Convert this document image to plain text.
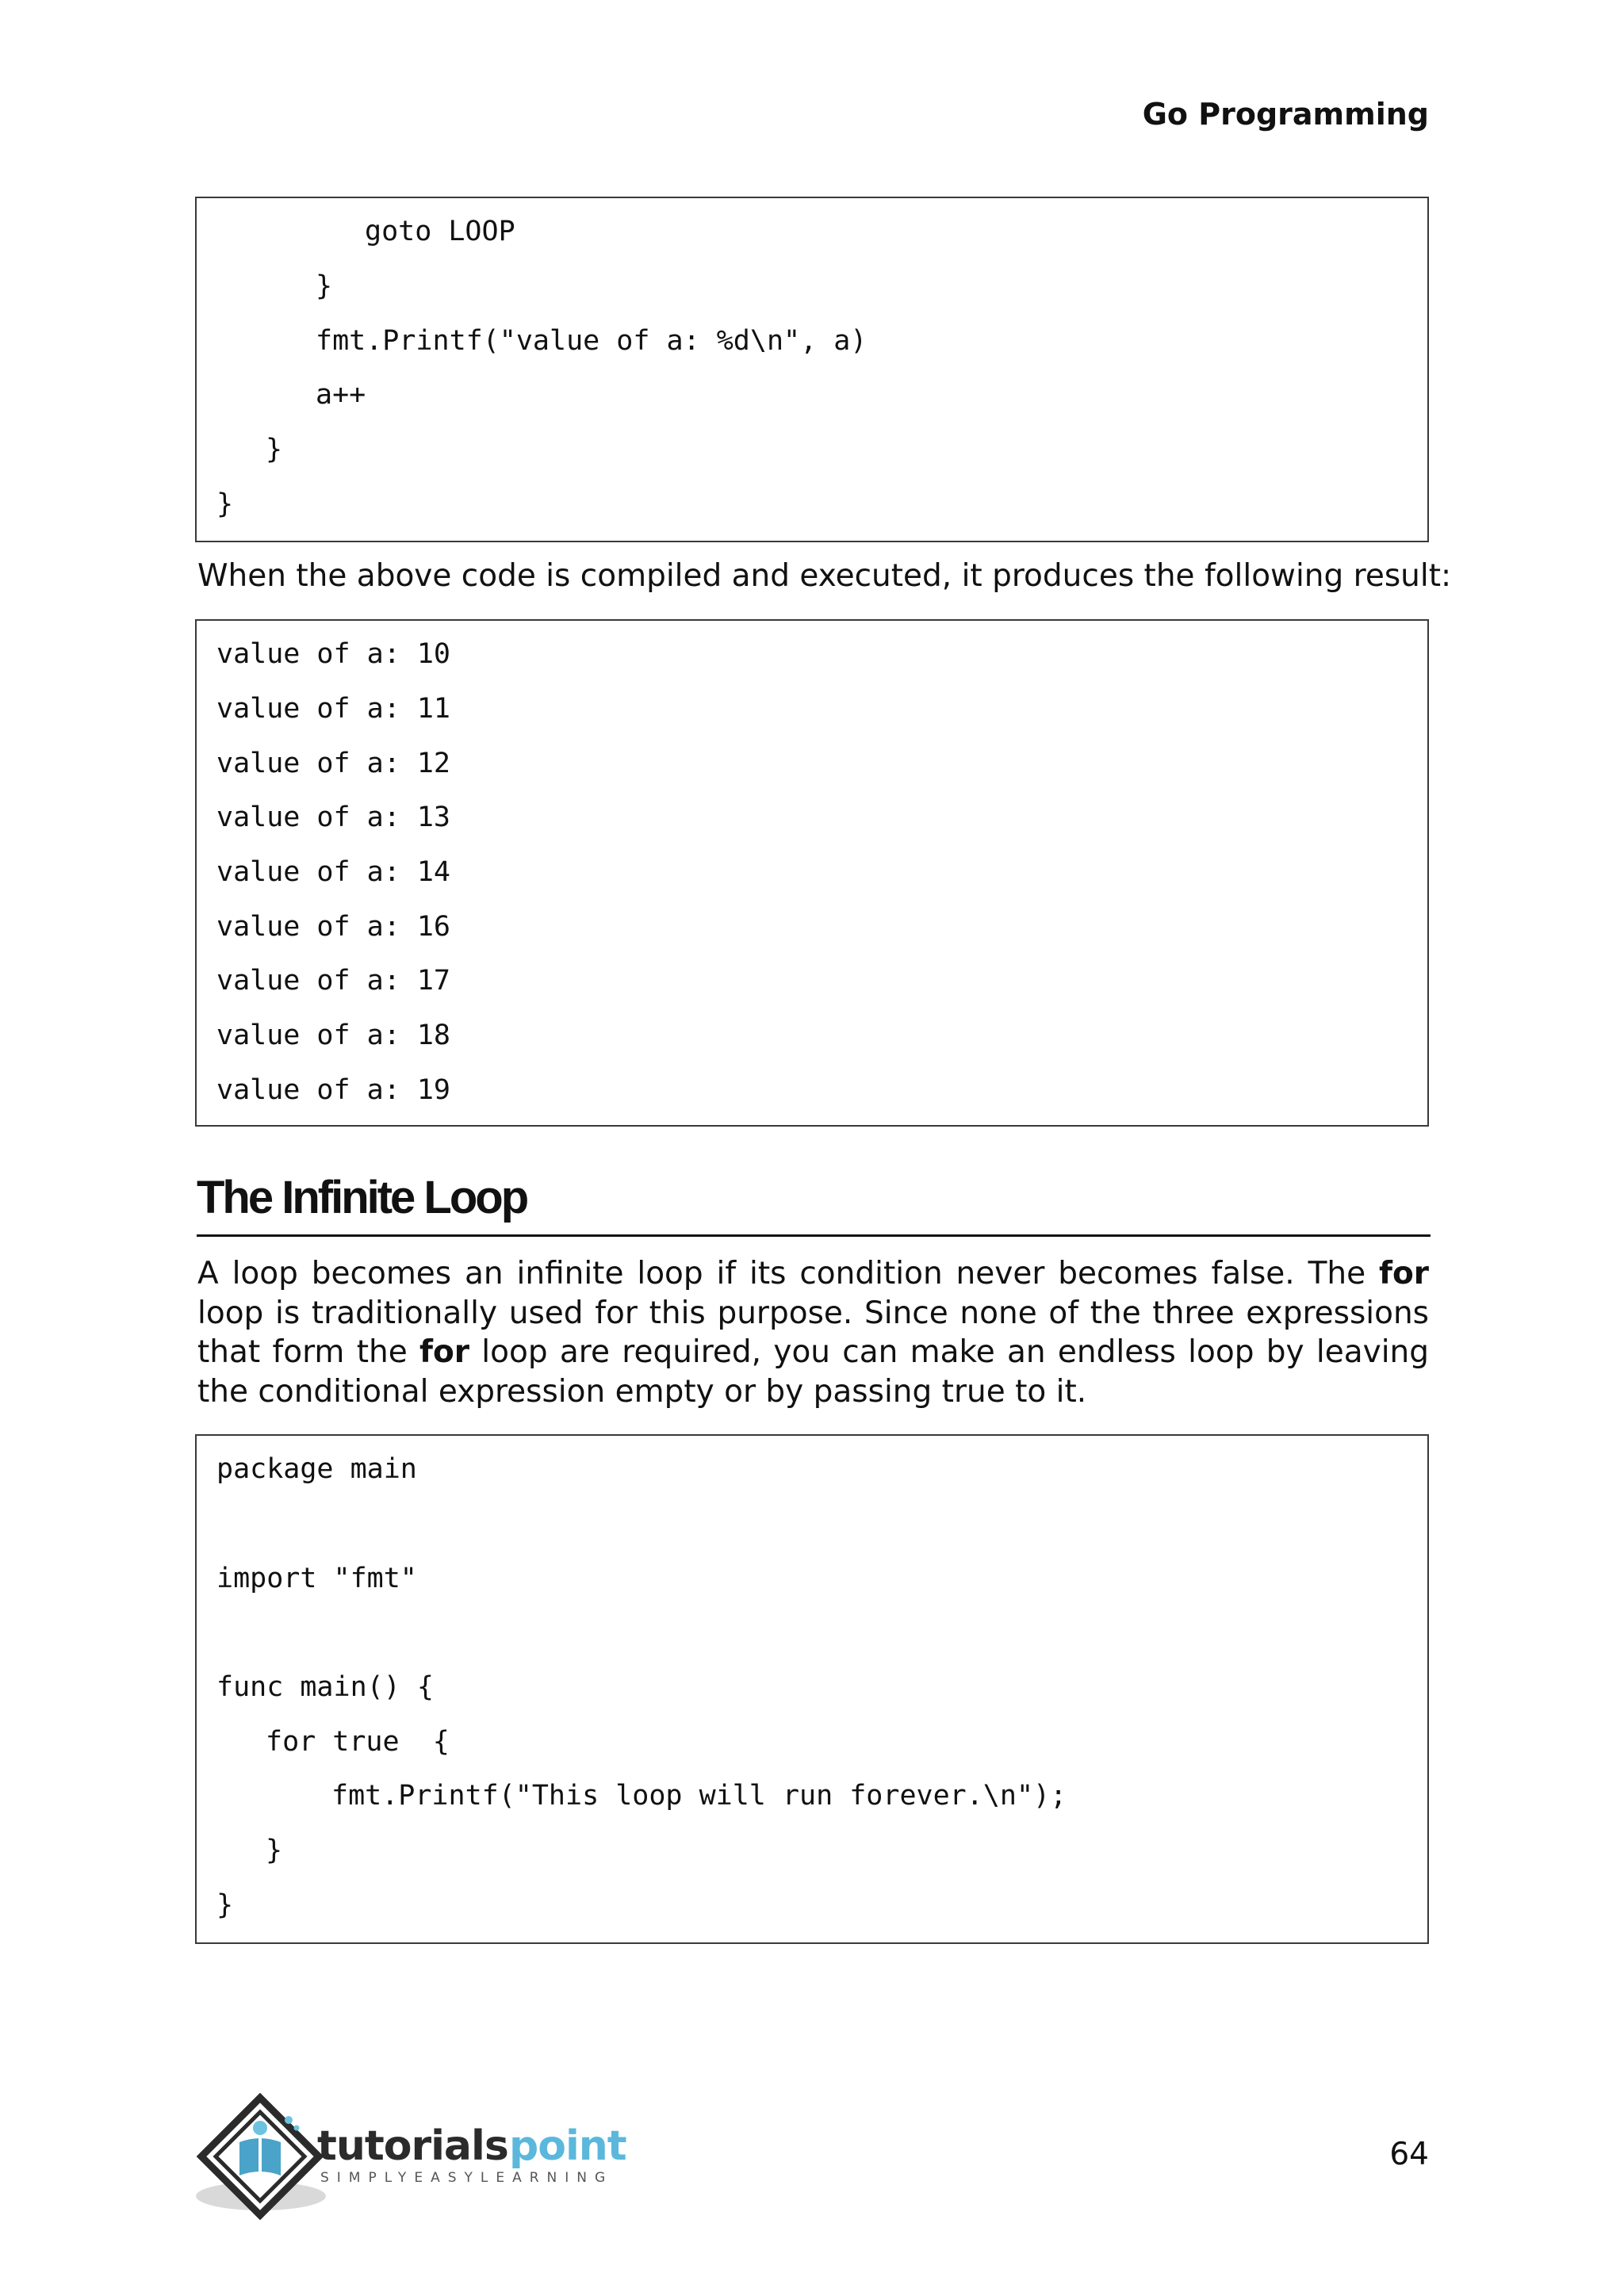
Go Programming
goto LOOP
}
fmt.Printf("value of a: %d\n", a)
a++
}
}
When the above code is compiled and executed, it produces the following result:
value of a: 10
value of a: 11
value of a: 12
value of a: 13
value of a: 14
value of a: 16
value of a: 17
value of a: 18
value of a: 19
The Infinite Loop
A loop becomes an infinite loop if its condition never becomes false. The for loop is traditionally used for this purpose. Since none of the three expressions that form the for loop are required, you can make an endless loop by leaving the conditional expression empty or by passing true to it.
package main
import "fmt"
func main() {
for true  {
fmt.Printf("This loop will run forever.\n");
}
}
tutorials point
SIMPLYEASYLEARNING
64
